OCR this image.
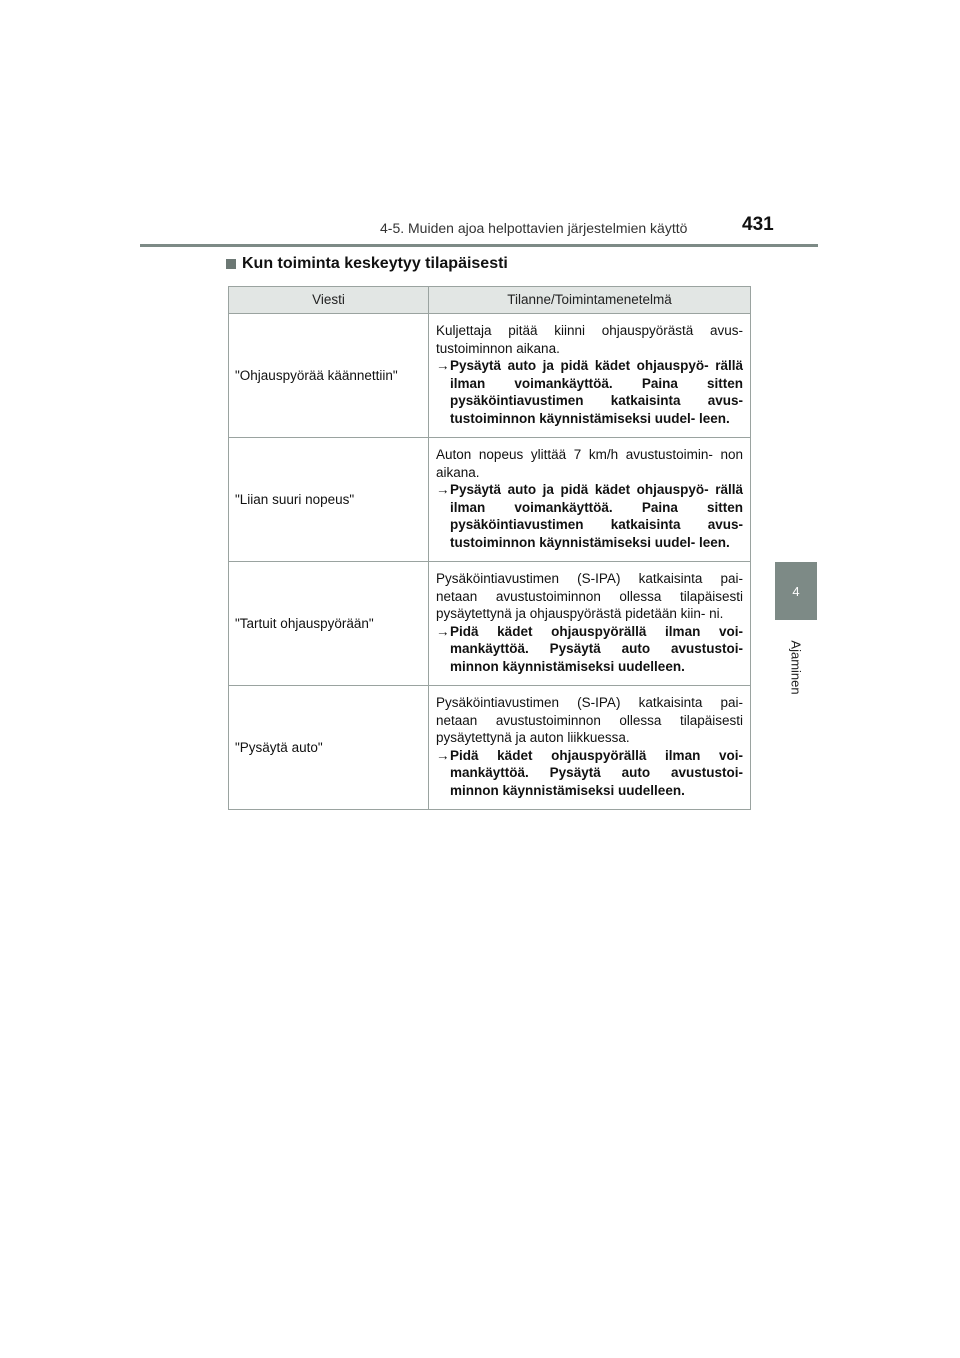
4-5. Muiden ajoa helpottavien järjestelmien käyttö	431
4
Ajaminen
Kun toiminta keskeytyy tilapäisesti
Viesti	Tilanne/Toimintamenetelmä
"Ohjauspyörää käännettiin"	Kuljettaja pitää kiinni ohjauspyörästä avus- tustoiminnon aikana.
→ Pysäytä auto ja pidä kädet ohjauspyö- rällä ilman voimankäyttöä. Paina sitten pysäköintiavustimen katkaisinta avus- tustoiminnon käynnistämiseksi uudel- leen.

"Liian suuri nopeus"	Auton nopeus ylittää 7 km/h avustustoimin- non aikana.
→ Pysäytä auto ja pidä kädet ohjauspyö- rällä ilman voimankäyttöä. Paina sitten pysäköintiavustimen katkaisinta avus- tustoiminnon käynnistämiseksi uudel- leen.

"Tartuit ohjauspyörään"	Pysäköintiavustimen (S-IPA) katkaisinta pai- netaan avustustoiminnon ollessa tilapäisesti pysäytettynä ja ohjauspyörästä pidetään kiin- ni.
→ Pidä kädet ohjauspyörällä ilman voi- mankäyttöä. Pysäytä auto avustustoi- minnon käynnistämiseksi uudelleen.

"Pysäytä auto"	Pysäköintiavustimen (S-IPA) katkaisinta pai- netaan avustustoiminnon ollessa tilapäisesti pysäytettynä ja auton liikkuessa.
→ Pidä kädet ohjauspyörällä ilman voi- mankäyttöä. Pysäytä auto avustustoi- minnon käynnistämiseksi uudelleen.
